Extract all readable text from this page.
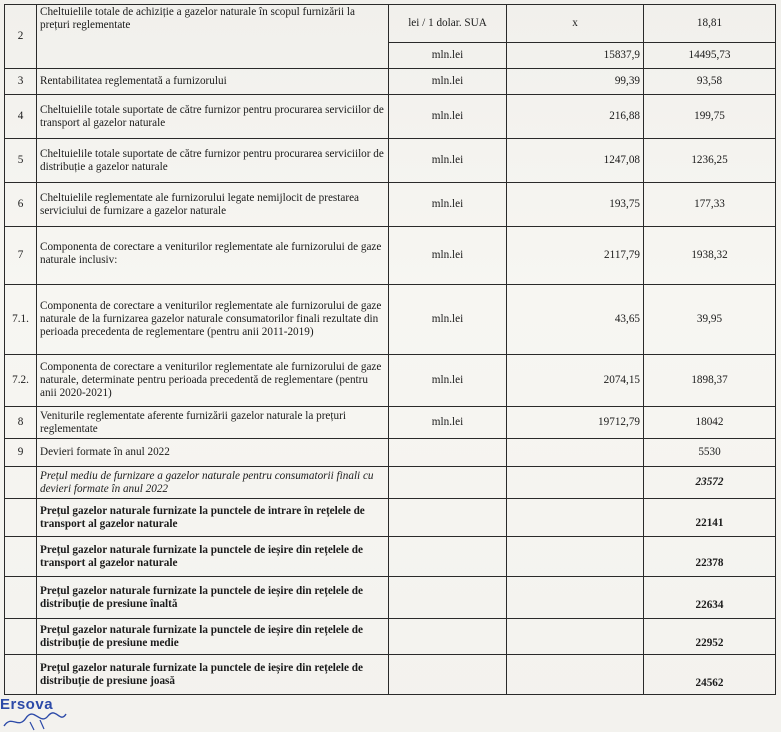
2	Cheltuielile totale de achiziție a gazelor naturale în scopul furnizării la prețuri reglementate	lei / 1 dolar. SUA	x	18,81
		mln.lei	15837,9	14495,73
3	Rentabilitatea reglementată a furnizorului	mln.lei	99,39	93,58
4	Cheltuielile totale suportate de către furnizor pentru procurarea serviciilor de transport al gazelor naturale	mln.lei	216,88	199,75
5	Cheltuielile totale suportate de către furnizor pentru procurarea serviciilor de distribuție a gazelor naturale	mln.lei	1247,08	1236,25
6	Cheltuielile reglementate ale furnizorului legate nemijlocit de prestarea serviciului de furnizare a gazelor naturale	mln.lei	193,75	177,33
7	Componenta de corectare a veniturilor reglementate ale furnizorului de gaze naturale inclusiv:	mln.lei	2117,79	1938,32
7.1.	Componenta de corectare a veniturilor reglementate ale furnizorului de gaze naturale de la furnizarea gazelor naturale consumatorilor finali rezultate din perioada precedenta de reglementare (pentru anii 2011-2019)	mln.lei	43,65	39,95
7.2.	Componenta de corectare a veniturilor reglementate ale furnizorului de gaze naturale, determinate pentru perioada precedentă de reglementare (pentru anii 2020-2021)	mln.lei	2074,15	1898,37
8	Veniturile reglementate aferente furnizării gazelor naturale la prețuri reglementate	mln.lei	19712,79	18042
9	Devieri formate în anul 2022			5530
	Prețul mediu de furnizare a gazelor naturale pentru consumatorii finali cu devieri formate în anul 2022			23572
	Prețul gazelor naturale furnizate la punctele de intrare în rețelele de transport al gazelor naturale			22141
	Prețul gazelor naturale furnizate la punctele de ieșire din rețelele de transport al gazelor naturale			22378
	Prețul gazelor naturale furnizate la punctele de ieșire din rețelele de distribuție de presiune înaltă			22634
	Prețul gazelor naturale furnizate la punctele de ieșire din rețelele de distribuție de presiune medie			22952
	Prețul gazelor naturale furnizate la punctele de ieșire din rețelele de distribuție de presiune joasă			24562
Ersova
